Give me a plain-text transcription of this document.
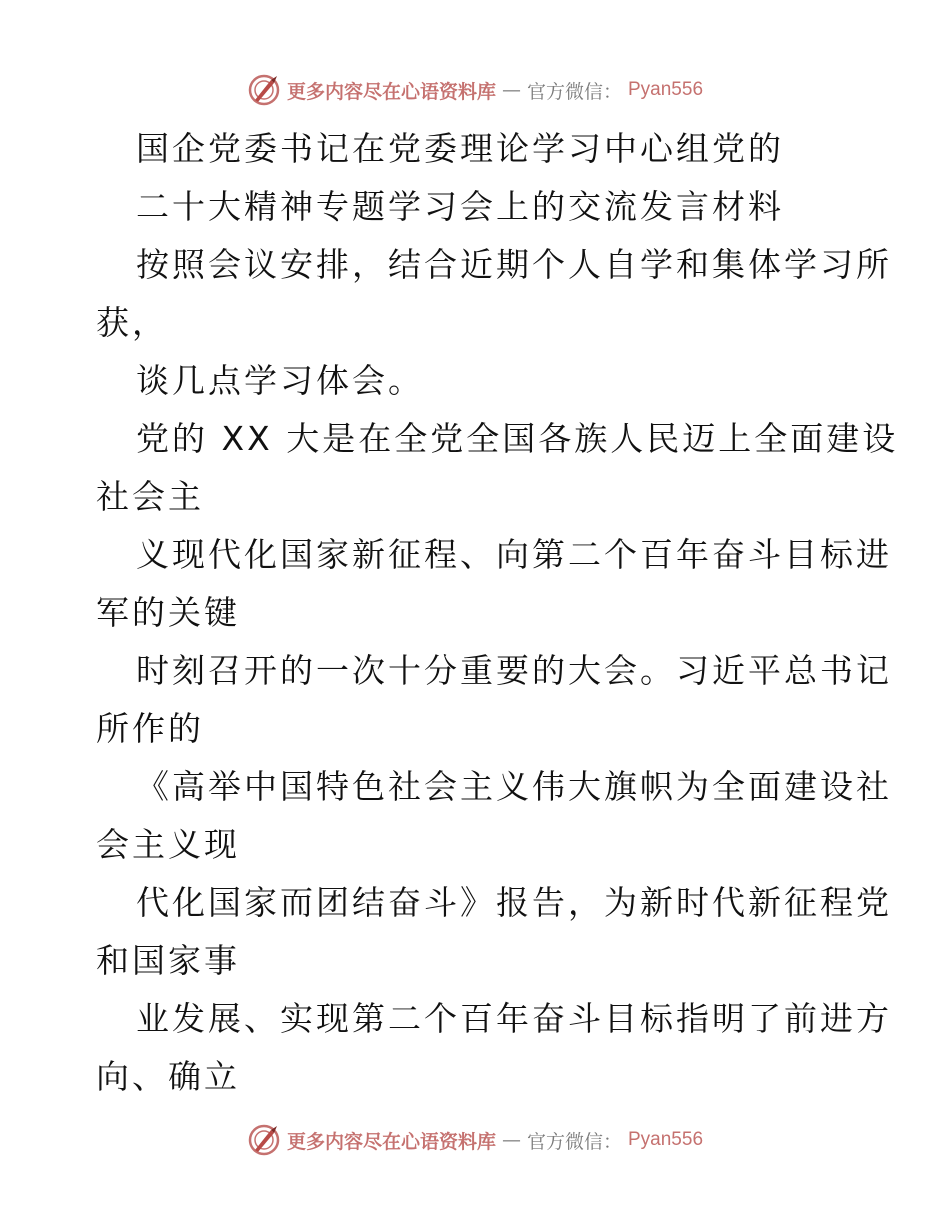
更多内容尽在心语资料库 — 官方微信： Pyan556
国企党委书记在党委理论学习中心组党的
二十大精神专题学习会上的交流发言材料
按照会议安排，结合近期个人自学和集体学习所
获，
谈几点学习体会。
党的 XX 大是在全党全国各族人民迈上全面建设
社会主
义现代化国家新征程、向第二个百年奋斗目标进
军的关键
时刻召开的一次十分重要的大会。习近平总书记
所作的
《高举中国特色社会主义伟大旗帜为全面建设社
会主义现
代化国家而团结奋斗》报告，为新时代新征程党
和国家事
业发展、实现第二个百年奋斗目标指明了前进方
向、确立
更多内容尽在心语资料库 — 官方微信： Pyan556
